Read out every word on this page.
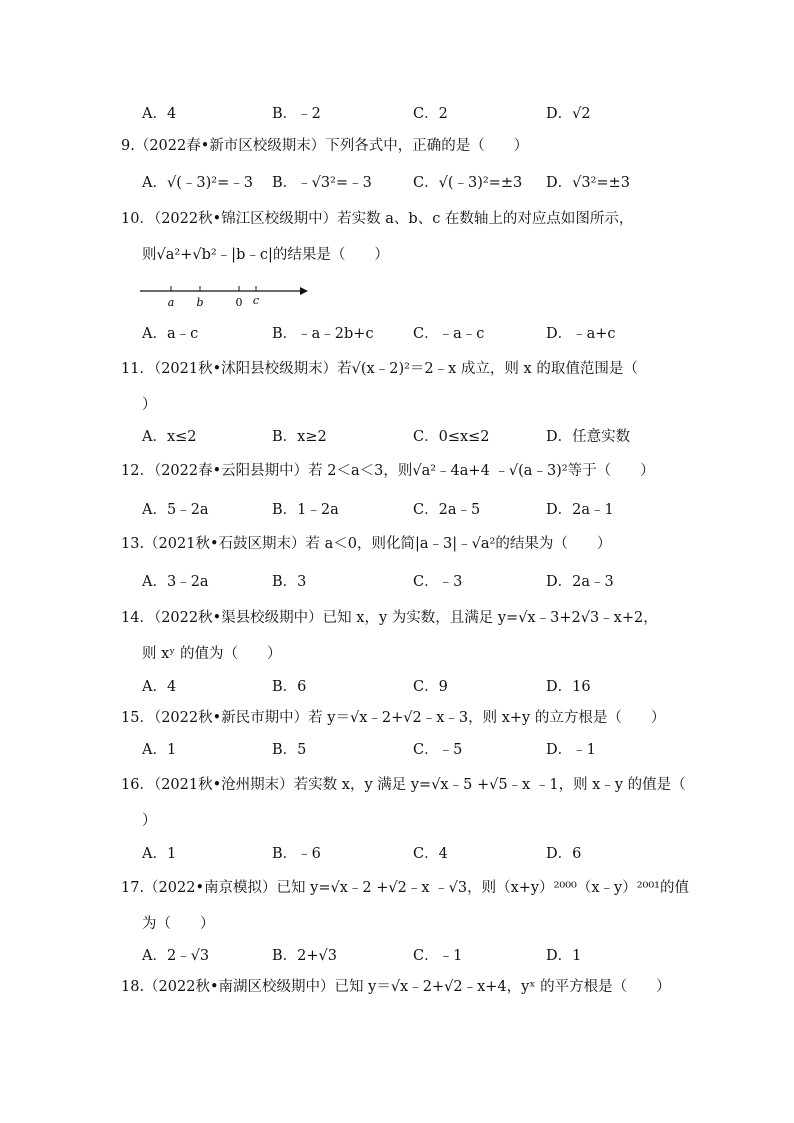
A．4	B．﹣2	C．2	D．√2
9.（2022春•新市区校级期末）下列各式中，正确的是（　　）
A．√(﹣3)²=﹣3 B．﹣√3²=﹣3	C．√(﹣3)²=±3 D．√3²=±3
10．（2022秋•锦江区校级期中）若实数 a、b、c 在数轴上的对应点如图所示，
则√a²+√b²﹣|b﹣c|的结果是（　　）
a b	0 c
A．a﹣c	B．﹣a﹣2b+c	C．﹣a﹣c	D．﹣a+c
11．（2021秋•沭阳县校级期末）若√(x﹣2)²＝2﹣x 成立，则 x 的取值范围是（
）
A．x≤2	B．x≥2	C．0≤x≤2	D．任意实数
12．（2022春•云阳县期中）若 2＜a＜3，则√a²﹣4a+4 ﹣√(a﹣3)²等于（　　）
A．5﹣2a	B．1﹣2a	C．2a﹣5	D．2a﹣1
13.（2021秋•石鼓区期末）若 a＜0，则化简|a﹣3|﹣√a²的结果为（　　）
A．3﹣2a	B．3	C．﹣3	D．2a﹣3
14．（2022秋•渠县校级期中）已知 x，y 为实数，且满足 y=√x﹣3+2√3﹣x+2，
则 xʸ 的值为（　　）
A．4	B．6	C．9	D．16
15．（2022秋•新民市期中）若 y＝√x﹣2+√2﹣x﹣3，则 x+y 的立方根是（　　）
A．1	B．5	C．﹣5	D．﹣1
16．（2021秋•沧州期末）若实数 x，y 满足 y=√x﹣5 +√5﹣x ﹣1，则 x﹣y 的值是（
）
A．1	B．﹣6	C．4	D．6
17.（2022•南京模拟）已知 y=√x﹣2 +√2﹣x ﹣√3，则（x+y）²⁰⁰⁰（x﹣y）²⁰⁰¹的值
为（　　）
A．2﹣√3	B．2+√3	C．﹣1	D．1
18.（2022秋•南湖区校级期中）已知 y＝√x﹣2+√2﹣x+4，yˣ 的平方根是（　　）
